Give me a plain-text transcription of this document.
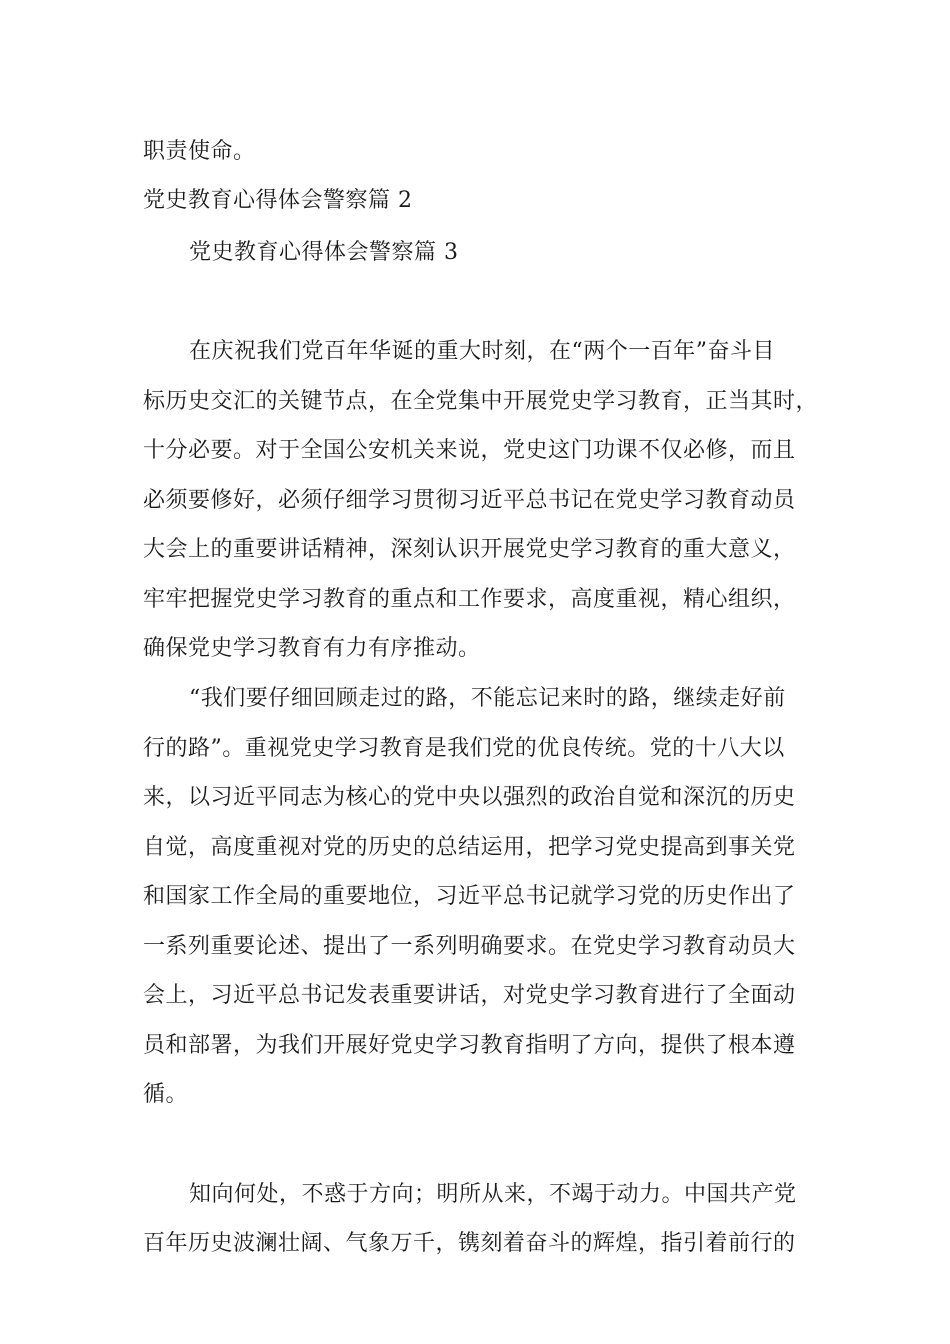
职责使命。
党史教育心得体会警察篇 2
党史教育心得体会警察篇 3
在庆祝我们党百年华诞的重大时刻，在“两个一百年”奋斗目
标历史交汇的关键节点，在全党集中开展党史学习教育，正当其时，
十分必要。对于全国公安机关来说，党史这门功课不仅必修，而且
必须要修好，必须仔细学习贯彻习近平总书记在党史学习教育动员
大会上的重要讲话精神，深刻认识开展党史学习教育的重大意义，
牢牢把握党史学习教育的重点和工作要求，高度重视，精心组织，
确保党史学习教育有力有序推动。
“我们要仔细回顾走过的路，不能忘记来时的路，继续走好前
行的路”。重视党史学习教育是我们党的优良传统。党的十八大以
来，以习近平同志为核心的党中央以强烈的政治自觉和深沉的历史
自觉，高度重视对党的历史的总结运用，把学习党史提高到事关党
和国家工作全局的重要地位，习近平总书记就学习党的历史作出了
一系列重要论述、提出了一系列明确要求。在党史学习教育动员大
会上，习近平总书记发表重要讲话，对党史学习教育进行了全面动
员和部署，为我们开展好党史学习教育指明了方向，提供了根本遵
循。
知向何处，不惑于方向；明所从来，不竭于动力。中国共产党
百年历史波澜壮阔、气象万千，镌刻着奋斗的辉煌，指引着前行的
